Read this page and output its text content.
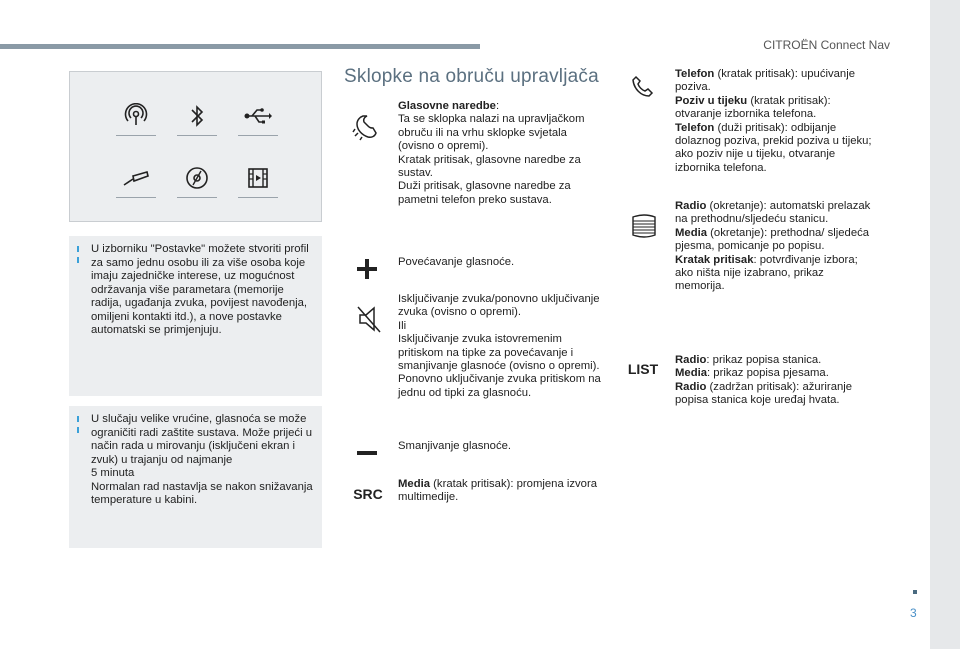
CITROËN Connect Nav

U izborniku "Postavke" možete stvoriti profil za samo jednu osobu ili za više osoba koje imaju zajedničke interese, uz mogućnost održavanja više parametara (memorije radija, ugađanja zvuka, povijest navođenja, omiljeni kontakti itd.), a nove postavke automatski se primjenjuju.

U slučaju velike vrućine, glasnoća se može ograničiti radi zaštite sustava. Može prijeći u način rada u mirovanju (isključeni ekran i zvuk) u trajanju od najmanje
5 minuta
Normalan rad nastavlja se nakon snižavanja temperature u kabini.

Sklopke na obruču upravljača

Glasovne naredbe:
Ta se sklopka nalazi na upravljačkom obruču ili na vrhu sklopke svjetala (ovisno o opremi).
Kratak pritisak, glasovne naredbe za sustav.
Duži pritisak, glasovne naredbe za pametni telefon preko sustava.

Povećavanje glasnoće.

Isključivanje zvuka/ponovno uključivanje zvuka (ovisno o opremi).
Ili
Isključivanje zvuka istovremenim pritiskom na tipke za povećavanje i smanjivanje glasnoće (ovisno o opremi).
Ponovno uključivanje zvuka pritiskom na jednu od tipki za glasnoću.

Smanjivanje glasnoće.

SRC

Media (kratak pritisak): promjena izvora multimedije.

Telefon (kratak pritisak): upućivanje poziva.
Poziv u tijeku (kratak pritisak): otvaranje izbornika telefona.
Telefon (duži pritisak): odbijanje dolaznog poziva, prekid poziva u tijeku; ako poziv nije u tijeku, otvaranje izbornika telefona.

Radio (okretanje): automatski prelazak na prethodnu/sljedeću stanicu.
Media (okretanje): prethodna/ sljedeća pjesma, pomicanje po popisu.
Kratak pritisak: potvrđivanje izbora; ako ništa nije izabrano, prikaz memorija.

LIST

Radio: prikaz popisa stanica.
Media: prikaz popisa pjesama.
Radio (zadržan pritisak): ažuriranje popisa stanica koje uređaj hvata.

3
